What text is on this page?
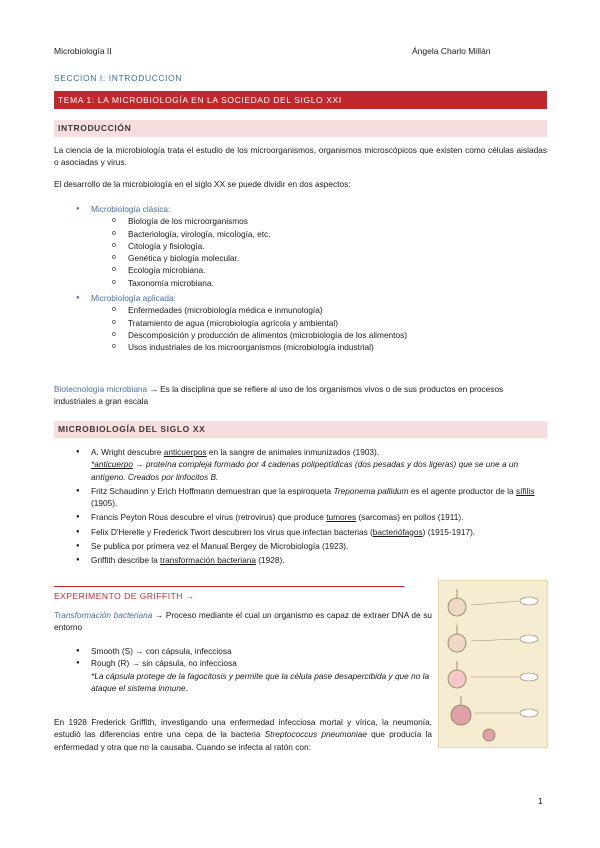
Microbiología II	Ángela Charlo Millán
SECCION I: INTRODUCCION
TEMA 1: LA MICROBIOLOGÍA EN LA SOCIEDAD DEL SIGLO XXI
INTRODUCCIÓN
La ciencia de la microbiología trata el estudio de los microorganismos, organismos microscópicos que existen como células aisladas o asociadas y virus.
El desarrollo de la microbiología en el siglo XX se puede dividir en dos aspectos:
● Microbiología clásica:
o Biología de los microorganismos
o Bacteriología, virología, micología, etc.
o Citología y fisiología.
o Genética y biología molecular.
o Ecología microbiana.
o Taxonomía microbiana.
● Microbiología aplicada:
o Enfermedades (microbiología médica e inmunología)
o Tratamiento de agua (microbiología agrícola y ambiental)
o Descomposición y producción de alimentos (microbiología de los alimentos)
o Usos industriales de los microorganismos (microbiología industrial)
Biotecnología microbiana → Es la disciplina que se refiere al uso de los organismos vivos o de sus productos en procesos industriales a gran escala
MICROBIOLOGÍA DEL SIGLO XX
● A. Wright descubre anticuerpos en la sangre de animales inmunizados (1903).
*anticuerpo → proteína compleja formado por 4 cadenas polipeptídicas (dos pesadas y dos ligeras) que se une a un antígeno. Creados por linfocitos B.
● Fritz Schaudinn y Erich Hoffmann demuestran que la espiroqueta Treponema pallidum es el agente productor de la sífilis (1905).
● Francis Peyton Rous descubre el virus (retrovirus) que produce tumores (sarcomas) en pollos (1911).
● Felix D'Herelle y Frederick Twort descubren los virus que infectan bacterias (bacteriófagos) (1915-1917).
● Se publica por primera vez el Manual Bergey de Microbiología (1923).
● Griffith describe la transformación bacteriana (1928).
EXPERIMENTO DE GRIFFITH →
Transformación bacteriana → Proceso mediante el cual un organismo es capaz de extraer DNA de su entorno
● Smooth (S) → con cápsula, infecciosa
● Rough (R) → sin cápsula, no infecciosa
*La cápsula protege de la fagocitosis y permite que la célula pase desapercibida y que no la ataque el sistema inmune.
En 1928 Frederick Griffith, investigando una enfermedad infecciosa mortal y vírica, la neumonía, estudió las diferencias entre una cepa de la bacteria Streptococcus pneumoniae que producía la enfermedad y otra que no la causaba. Cuando se infecta al ratón con:
1
